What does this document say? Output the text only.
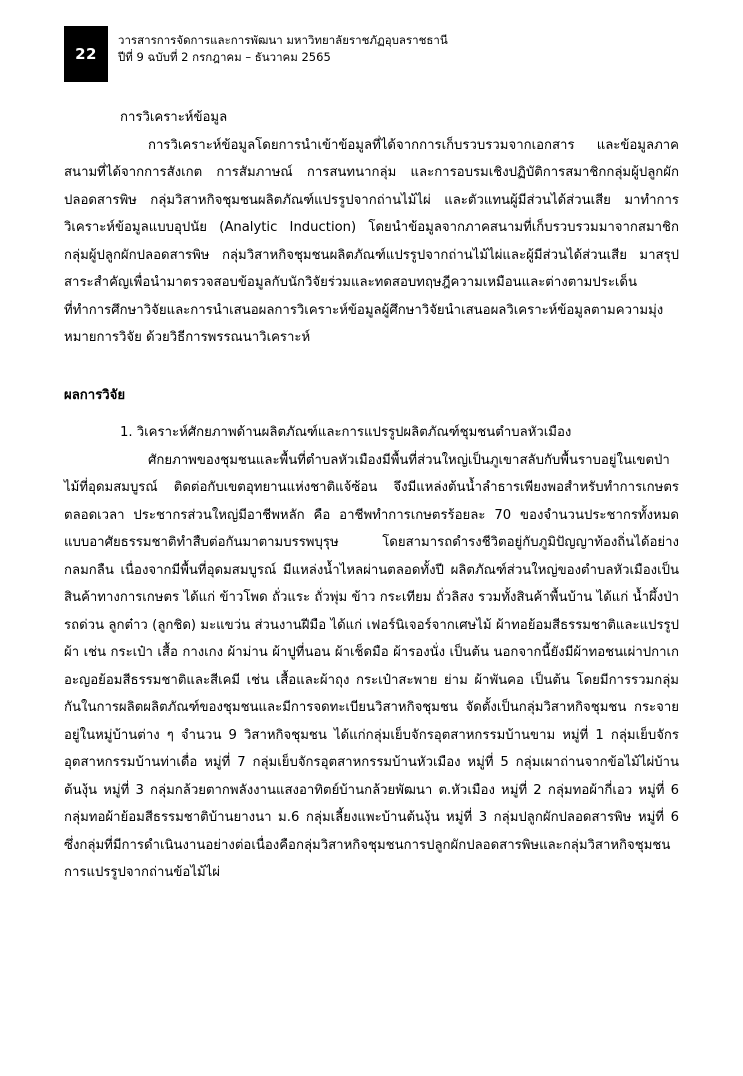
22
วารสารการจัดการและการพัฒนา มหาวิทยาลัยราชภัฏอุบลราชธานี
ปีที่ 9 ฉบับที่ 2 กรกฎาคม – ธันวาคม 2565

การวิเคราะห์ข้อมูล

การวิเคราะห์ข้อมูลโดยการนำเข้าข้อมูลที่ได้จากการเก็บรวบรวมจากเอกสาร และข้อมูลภาคสนามที่ได้จากการสังเกต การสัมภาษณ์ การสนทนากลุ่ม และการอบรมเชิงปฏิบัติการสมาชิกกลุ่มผู้ปลูกผักปลอดสารพิษ กลุ่มวิสาหกิจชุมชนผลิตภัณฑ์แปรรูปจากถ่านไม้ไผ่ และตัวแทนผู้มีส่วนได้ส่วนเสีย มาทำการวิเคราะห์ข้อมูลแบบอุปนัย (Analytic Induction) โดยนำข้อมูลจากภาคสนามที่เก็บรวบรวมมาจากสมาชิกกลุ่มผู้ปลูกผักปลอดสารพิษ กลุ่มวิสาหกิจชุมชนผลิตภัณฑ์แปรรูปจากถ่านไม้ไผ่และผู้มีส่วนได้ส่วนเสีย มาสรุปสาระสำคัญเพื่อนำมาตรวจสอบข้อมูลกับนักวิจัยร่วมและทดสอบทฤษฎีความเหมือนและต่างตามประเด็นที่ทำการศึกษาวิจัยและการนำเสนอผลการวิเคราะห์ข้อมูลผู้ศึกษาวิจัยนำเสนอผลวิเคราะห์ข้อมูลตามความมุ่งหมายการวิจัย ด้วยวิธีการพรรณนาวิเคราะห์

ผลการวิจัย

1. วิเคราะห์ศักยภาพด้านผลิตภัณฑ์และการแปรรูปผลิตภัณฑ์ชุมชนตำบลหัวเมือง

ศักยภาพของชุมชนและพื้นที่ตำบลหัวเมืองมีพื้นที่ส่วนใหญ่เป็นภูเขาสลับกับพื้นราบอยู่ในเขตป่าไม้ที่อุดมสมบูรณ์ ติดต่อกับเขตอุทยานแห่งชาติแจ้ซ้อน จึงมีแหล่งต้นน้ำลำธารเพียงพอสำหรับทำการเกษตร ตลอดเวลา ประชากรส่วนใหญ่มีอาชีพหลัก คือ อาชีพทำการเกษตรร้อยละ 70 ของจำนวนประชากรทั้งหมด แบบอาศัยธรรมชาติทำสืบต่อกันมาตามบรรพบุรุษ โดยสามารถดำรงชีวิตอยู่กับภูมิปัญญาท้องถิ่นได้อย่างกลมกลืน เนื่องจากมีพื้นที่อุดมสมบูรณ์ มีแหล่งน้ำไหลผ่านตลอดทั้งปี ผลิตภัณฑ์ส่วนใหญ่ของตำบลหัวเมืองเป็นสินค้าทางการเกษตร ได้แก่ ข้าวโพด ถั่วแระ ถั่วพุ่ม ข้าว กระเทียม ถั่วลิสง รวมทั้งสินค้าพื้นบ้าน ได้แก่ น้ำผึ้งป่า รถด่วน ลูกต๋าว (ลูกชิด) มะแขว่น ส่วนงานฝีมือ ได้แก่ เฟอร์นิเจอร์จากเศษไม้ ผ้าทอย้อมสีธรรมชาติและแปรรูปผ้า เช่น กระเป๋า เสื้อ กางเกง ผ้าม่าน ผ้าปูที่นอน ผ้าเช็ดมือ ผ้ารองนั่ง เป็นต้น นอกจากนี้ยังมีผ้าทอชนเผ่าปกาเกอะญอย้อมสีธรรมชาติและสีเคมี เช่น เสื้อและผ้าถุง กระเป๋าสะพาย ย่าม ผ้าพันคอ เป็นต้น โดยมีการรวมกลุ่มกันในการผลิตผลิตภัณฑ์ของชุมชนและมีการจดทะเบียนวิสาหกิจชุมชน จัดตั้งเป็นกลุ่มวิสาหกิจชุมชน กระจายอยู่ในหมู่บ้านต่าง ๆ จำนวน 9 วิสาหกิจชุมชน ได้แก่กลุ่มเย็บจักรอุตสาหกรรมบ้านขาม หมู่ที่ 1 กลุ่มเย็บจักรอุตสาหกรรมบ้านท่าเดื่อ หมู่ที่ 7 กลุ่มเย็บจักรอุตสาหกรรมบ้านหัวเมือง หมู่ที่ 5 กลุ่มเผาถ่านจากข้อไม้ไผ่บ้านต้นงุ้น หมู่ที่ 3 กลุ่มกล้วยตากพลังงานแสงอาทิตย์บ้านกล้วยพัฒนา ต.หัวเมือง หมู่ที่ 2 กลุ่มทอผ้ากี่เอว หมู่ที่ 6 กลุ่มทอผ้าย้อมสีธรรมชาติบ้านยางนา ม.6 กลุ่มเลี้ยงแพะบ้านต้นงุ้น หมู่ที่ 3 กลุ่มปลูกผักปลอดสารพิษ หมู่ที่ 6 ซึ่งกลุ่มที่มีการดำเนินงานอย่างต่อเนื่องคือกลุ่มวิสาหกิจชุมชนการปลูกผักปลอดสารพิษและกลุ่มวิสาหกิจชุมชนการแปรรูปจากถ่านข้อไม้ไผ่
